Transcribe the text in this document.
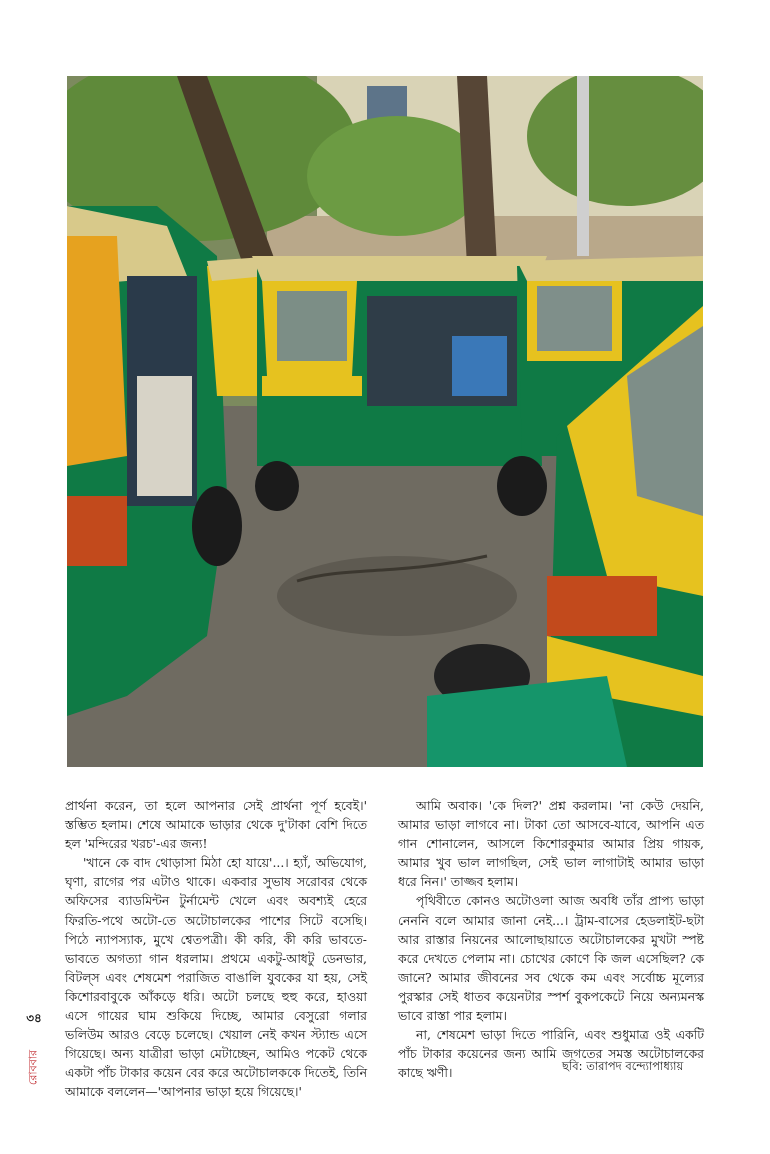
প্রার্থনা করেন, তা হলে আপনার সেই প্রার্থনা পূর্ণ হবেই।' স্তম্ভিত হলাম। শেষে আমাকে ভাড়ার থেকে দু'টাকা বেশি দিতে হল 'মন্দিরের খরচ'-এর জন্য!

'খানে কে বাদ থোড়াসা মিঠা হো যায়ে'...। হ্যাঁ, অভিযোগ, ঘৃণা, রাগের পর এটাও থাকে। একবার সুভাষ সরোবর থেকে অফিসের ব্যাডমিন্টন টুর্নামেন্ট খেলে এবং অবশ্যই হেরে ফিরতি-পথে অটো-তে অটোচালকের পাশের সিটে বসেছি। পিঠে ন্যাপস্যাক, মুখে শ্বেতপত্রী। কী করি, কী করি ভাবতে-ভাবতে অগত্যা গান ধরলাম। প্রথমে একটু-আধটু ডেনভার, বিটল্স এবং শেষমেশ পরাজিত বাঙালি যুবকের যা হয়, সেই কিশোরবাবুকে আঁকড়ে ধরি। অটো চলছে হুহু করে, হাওয়া এসে গায়ের ঘাম শুকিয়ে দিচ্ছে, আমার বেসুরো গলার ভলিউম আরও বেড়ে চলেছে। খেয়াল নেই কখন স্ট্যান্ড এসে গিয়েছে। অন্য যাত্রীরা ভাড়া মেটাচ্ছেন, আমিও পকেট থেকে একটা পাঁচ টাকার কয়েন বের করে অটোচালককে দিতেই, তিনি আমাকে বললেন—'আপনার ভাড়া হয়ে গিয়েছে।'

আমি অবাক। 'কে দিল?' প্রশ্ন করলাম। 'না কেউ দেয়নি, আমার ভাড়া লাগবে না। টাকা তো আসবে-যাবে, আপনি এত গান শোনালেন, আসলে কিশোরকুমার আমার প্রিয় গায়ক, আমার খুব ভাল লাগছিল, সেই ভাল লাগাটাই আমার ভাড়া ধরে নিন।' তাজ্জব হলাম।

পৃথিবীতে কোনও অটোওলা আজ অবধি তাঁর প্রাপ্য ভাড়া নেননি বলে আমার জানা নেই...। ট্রাম-বাসের হেডলাইট-ছটা আর রাস্তার নিয়নের আলোছায়াতে অটোচালকের মুখটা স্পষ্ট করে দেখতে পেলাম না। চোখের কোণে কি জল এসেছিল? কে জানে? আমার জীবনের সব থেকে কম এবং সর্বোচ্চ মূল্যের পুরস্কার সেই ধাতব কয়েনটার স্পর্শ বুকপকেটে নিয়ে অন্যমনস্ক ভাবে রাস্তা পার হলাম।

না, শেষমেশ ভাড়া দিতে পারিনি, এবং শুধুমাত্র ওই একটি পাঁচ টাকার কয়েনের জন্য আমি জগতের সমস্ত অটোচালকের কাছে ঋণী।	ছবি: তারাপদ বন্দ্যোপাধ্যায়
৩৪
রোববার
